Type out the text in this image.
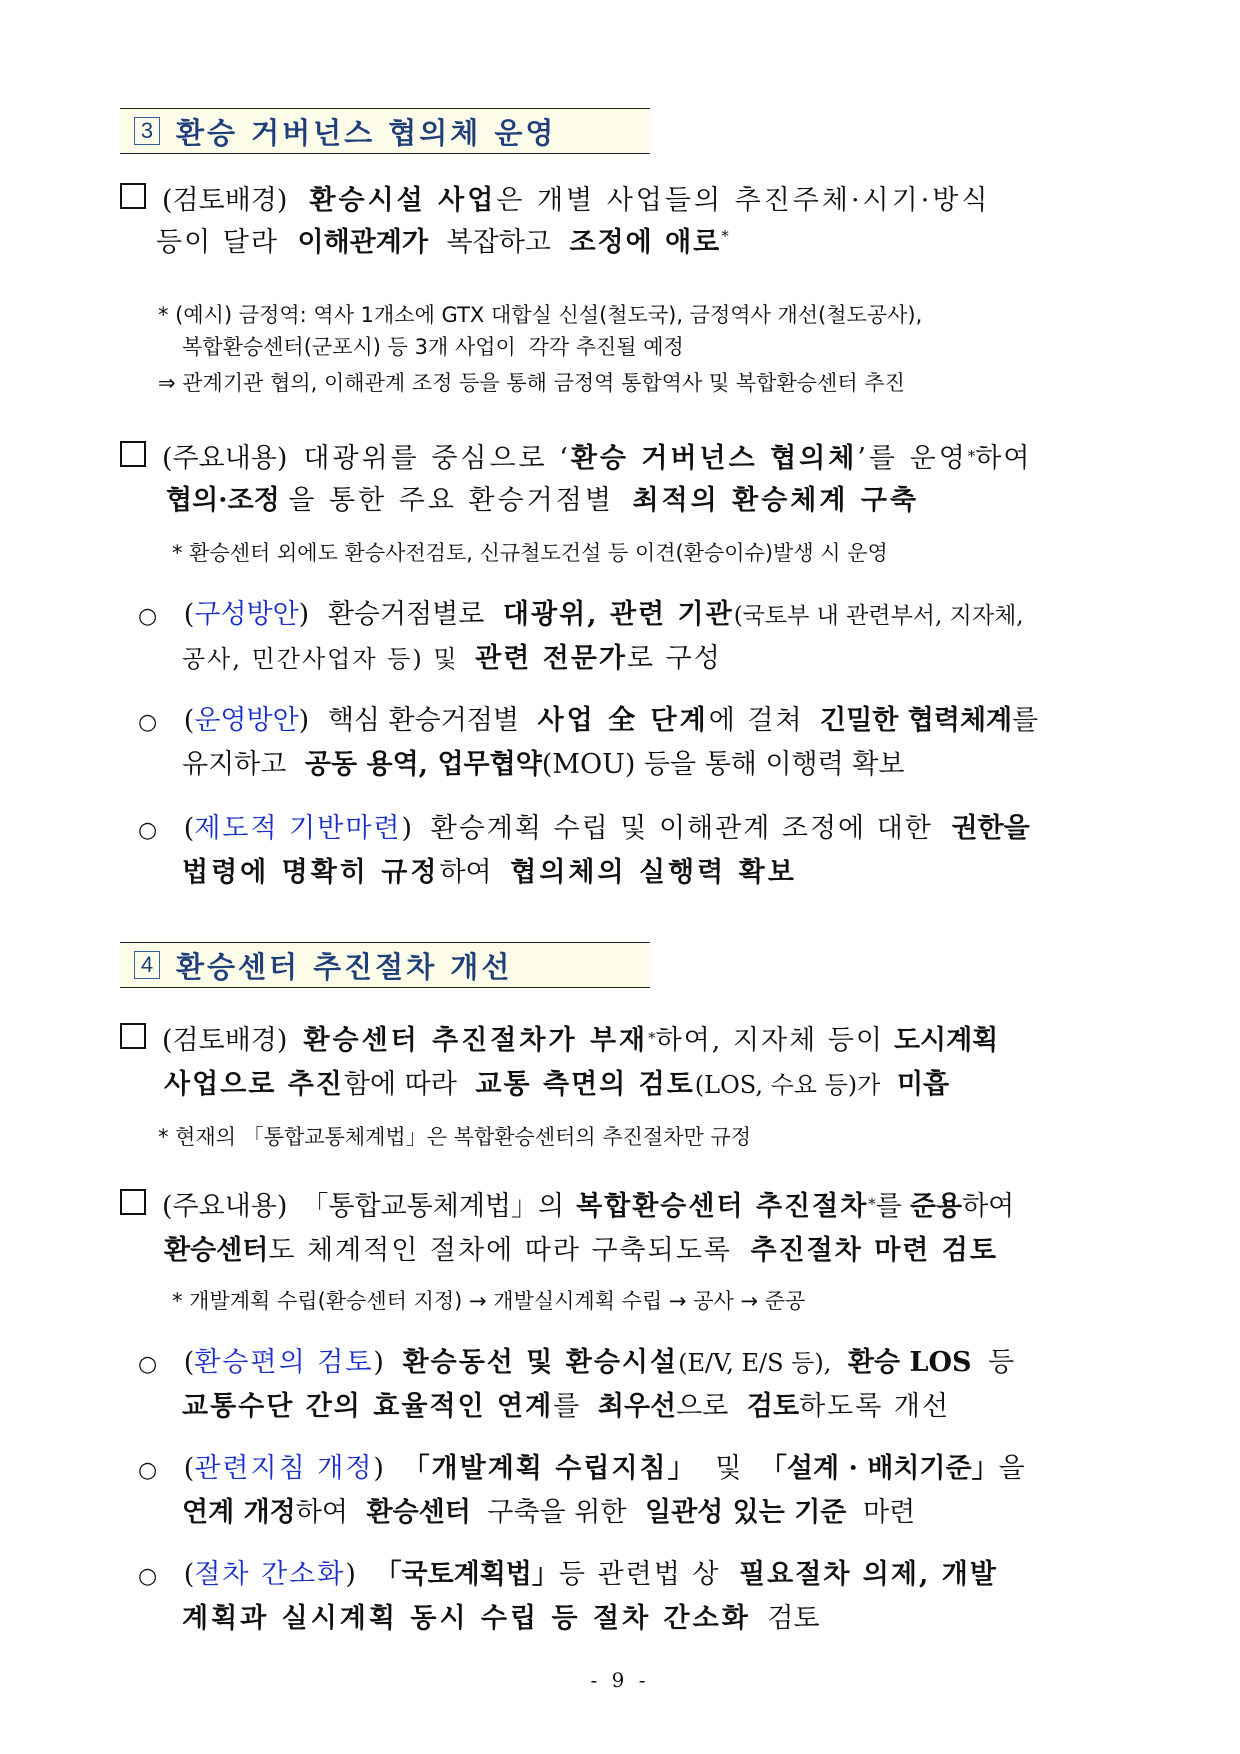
3 환승 거버넌스 협의체 운영
(검토배경) 환승시설 사업 은 개별 사업들의 추진주체·시기·방식
등이 달라 이해관계가 복잡하고 조정에 애로*
* (예시) 금정역: 역사 1개소에 GTX 대합실 신설(철도국), 금정역사 개선(철도공사),
복합환승센터(군포시) 등 3개 사업이 각각 추진될 예정
⇒ 관계기관 협의, 이해관계 조정 등을 통해 금정역 통합역사 및 복합환승센터 추진
(주요내용) 대광위를 중심으로 ‘ 환승 거버넌스 협의체 ’를 운영 * 하여
협의·조정 을 통한 주요 환승거점별 최적의 환승체계 구축
* 환승센터 외에도 환승사전검토, 신규철도건설 등 이견(환승이슈)발생 시 운영
○ (구성방안) 환승거점별로 대광위, 관련 기관(국토부 내 관련부서, 지자체,
공사, 민간사업자 등) 및 관련 전문가로 구성
○ (운영방안) 핵심 환승거점별 사업 全 단계에 걸쳐 긴밀한 협력체계를
유지하고 공동 용역, 업무협약(MOU) 등을 통해 이행력 확보
○ (제도적 기반마련) 환승계획 수립 및 이해관계 조정에 대한 권한을
법령에 명확히 규정하여 협의체의 실행력 확보
4 환승센터 추진절차 개선
(검토배경) 환승센터 추진절차가 부재 * 하여, 지자체 등이 도시계획
사업으로 추진함에 따라 교통 측면의 검토(LOS, 수요 등)가 미흡
* 현재의 「통합교통체계법」은 복합환승센터의 추진절차만 규정
(주요내용) 「통합교통체계법」의 복합환승센터 추진절차 * 를 준용 하여
환승센터도 체계적인 절차에 따라 구축되도록 추진절차 마련 검토
* 개발계획 수립(환승센터 지정) → 개발실시계획 수립 → 공사 → 준공
○ (환승편의 검토) 환승동선 및 환승시설(E/V, E/S 등), 환승 LOS 등
교통수단 간의 효율적인 연계를 최우선으로 검토하도록 개선
○ (관련지침 개정) 「개발계획 수립지침」 및 「설계 · 배치기준」을
연계 개정하여 환승센터 구축을 위한 일관성 있는 기준 마련
○ (절차 간소화) 「국토계획법」등 관련법 상 필요절차 의제, 개발
계획과 실시계획 동시 수립 등 절차 간소화 검토
- 9 -
